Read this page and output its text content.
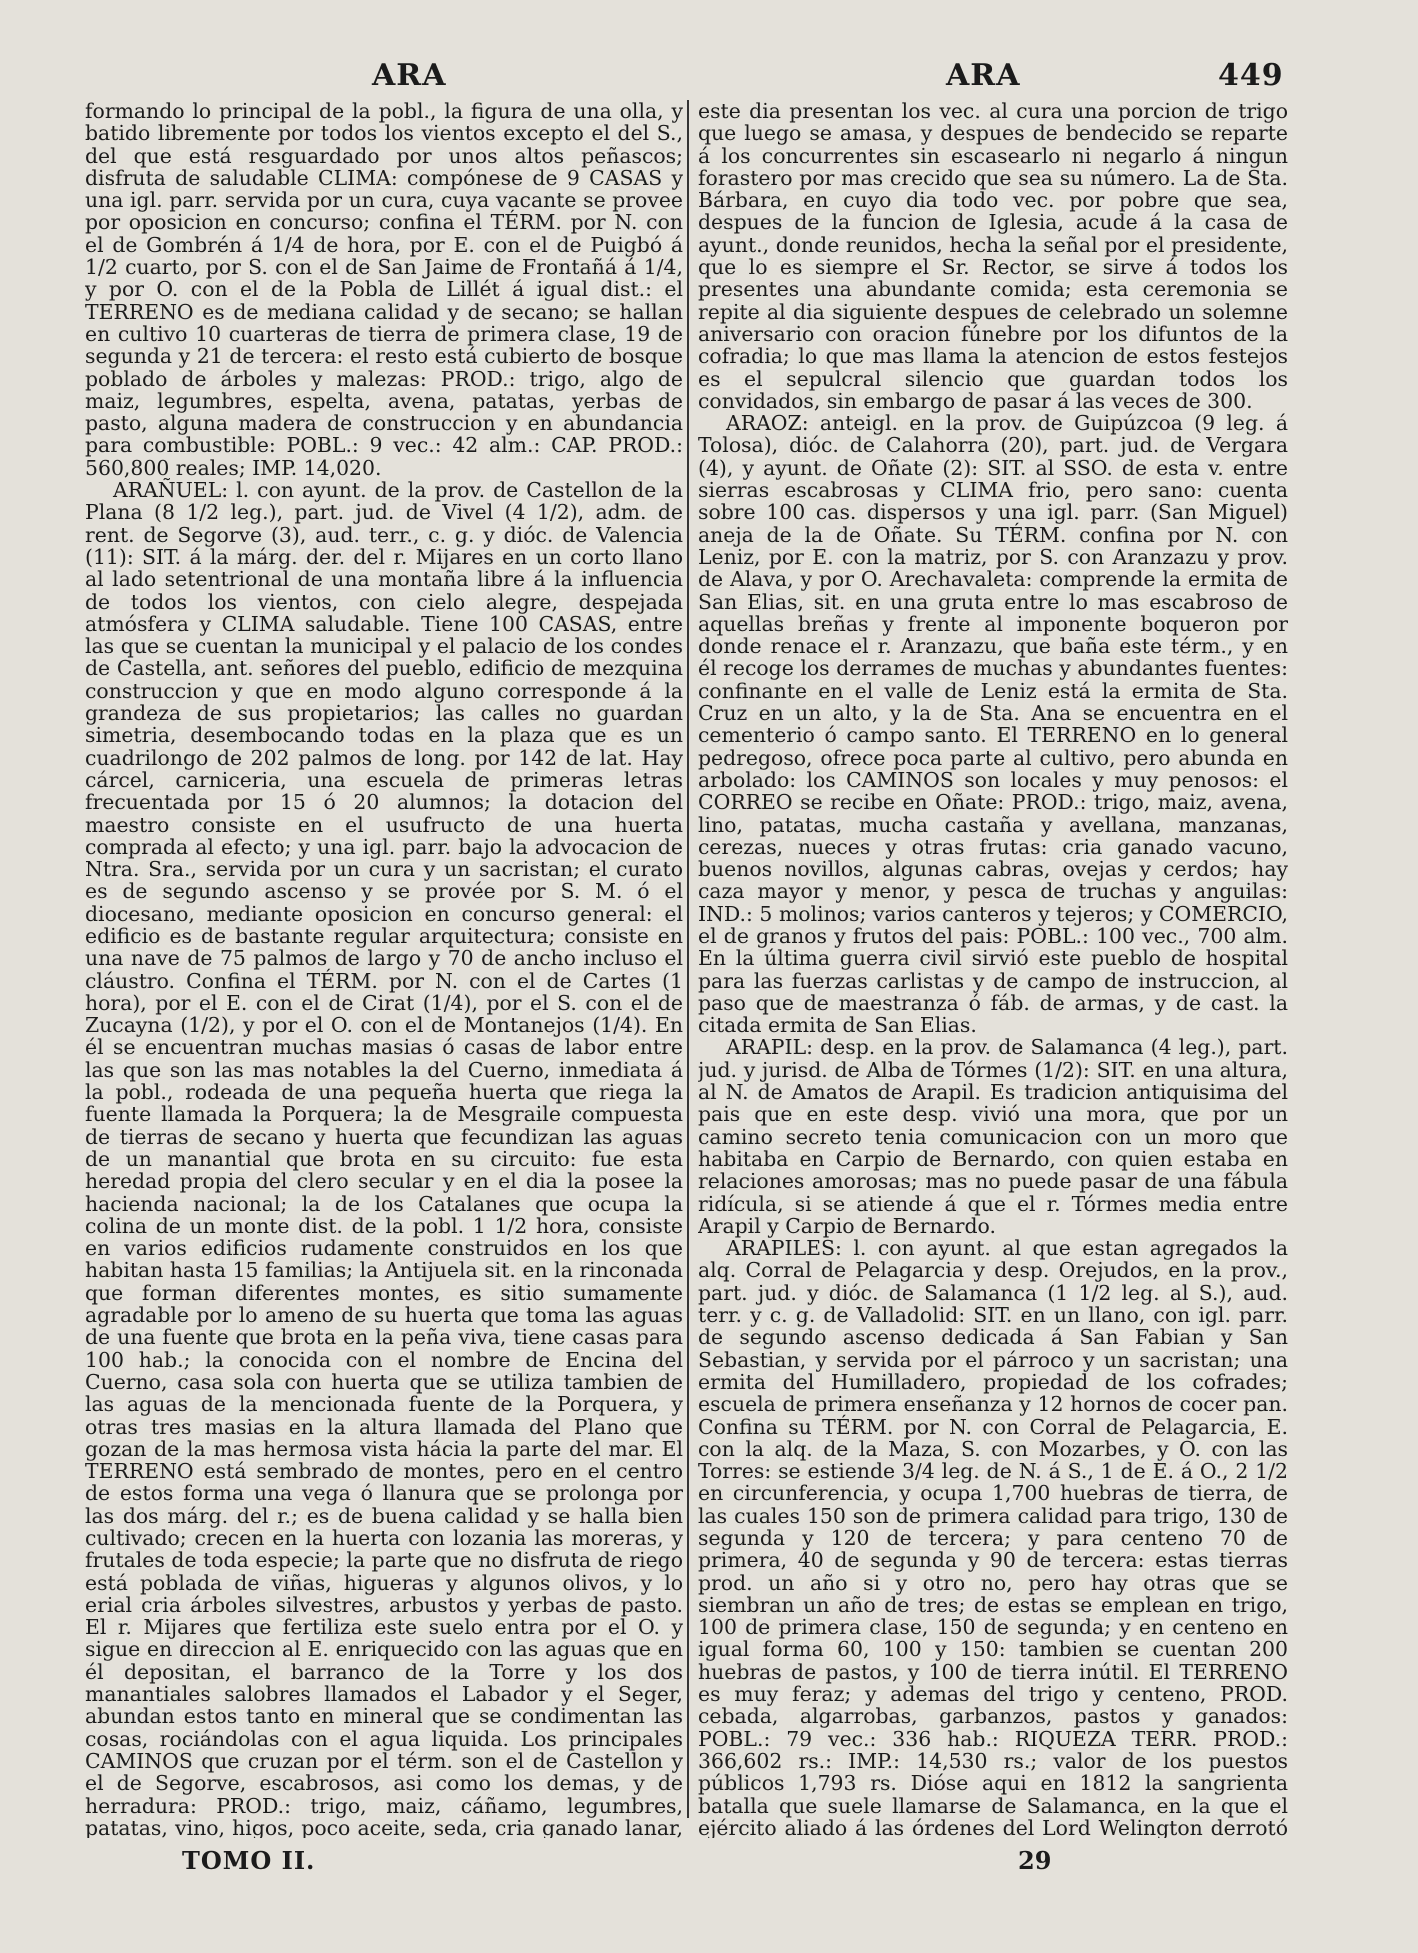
ARA	ARA	449

formando lo principal de la pobl., la figura de una olla, y batido libremente por todos los vientos excepto el del S., del que está resguardado por unos altos peñascos; disfruta de saludable CLIMA: compónese de 9 CASAS y una igl. parr. servida por un cura, cuya vacante se provee por oposicion en concurso; confina el TÉRM. por N. con el de Gombrén á 1/4 de hora, por E. con el de Puigbó á 1/2 cuarto, por S. con el de San Jaime de Frontañá á 1/4, y por O. con el de la Pobla de Lillét á igual dist.: el TERRENO es de mediana calidad y de secano; se hallan en cultivo 10 cuarteras de tierra de primera clase, 19 de segunda y 21 de tercera: el resto está cubierto de bosque poblado de árboles y malezas: PROD.: trigo, algo de maiz, legumbres, espelta, avena, patatas, yerbas de pasto, alguna madera de construccion y en abundancia para combustible: POBL.: 9 vec.: 42 alm.: CAP. PROD.: 560,800 reales; IMP. 14,020.

ARAÑUEL: l. con ayunt. de la prov. de Castellon de la Plana (8 1/2 leg.), part. jud. de Vivel (4 1/2), adm. de rent. de Segorve (3), aud. terr., c. g. y dióc. de Valencia (11): SIT. á la márg. der. del r. Mijares en un corto llano al lado setentrional de una montaña libre á la influencia de todos los vientos, con cielo alegre, despejada atmósfera y CLIMA saludable. Tiene 100 CASAS, entre las que se cuentan la municipal y el palacio de los condes de Castella, ant. señores del pueblo, edificio de mezquina construccion y que en modo alguno corresponde á la grandeza de sus propietarios; las calles no guardan simetria, desembocando todas en la plaza que es un cuadrilongo de 202 palmos de long. por 142 de lat. Hay cárcel, carniceria, una escuela de primeras letras frecuentada por 15 ó 20 alumnos; la dotacion del maestro consiste en el usufructo de una huerta comprada al efecto; y una igl. parr. bajo la advocacion de Ntra. Sra., servida por un cura y un sacristan; el curato es de segundo ascenso y se provée por S. M. ó el diocesano, mediante oposicion en concurso general: el edificio es de bastante regular arquitectura; consiste en una nave de 75 palmos de largo y 70 de ancho incluso el cláustro. Confina el TÉRM. por N. con el de Cartes (1 hora), por el E. con el de Cirat (1/4), por el S. con el de Zucayna (1/2), y por el O. con el de Montanejos (1/4). En él se encuentran muchas masias ó casas de labor entre las que son las mas notables la del Cuerno, inmediata á la pobl., rodeada de una pequeña huerta que riega la fuente llamada la Porquera; la de Mesgraile compuesta de tierras de secano y huerta que fecundizan las aguas de un manantial que brota en su circuito: fue esta heredad propia del clero secular y en el dia la posee la hacienda nacional; la de los Catalanes que ocupa la colina de un monte dist. de la pobl. 1 1/2 hora, consiste en varios edificios rudamente construidos en los que habitan hasta 15 familias; la Antijuela sit. en la rinconada que forman diferentes montes, es sitio sumamente agradable por lo ameno de su huerta que toma las aguas de una fuente que brota en la peña viva, tiene casas para 100 hab.; la conocida con el nombre de Encina del Cuerno, casa sola con huerta que se utiliza tambien de las aguas de la mencionada fuente de la Porquera, y otras tres masias en la altura llamada del Plano que gozan de la mas hermosa vista hácia la parte del mar. El TERRENO está sembrado de montes, pero en el centro de estos forma una vega ó llanura que se prolonga por las dos márg. del r.; es de buena calidad y se halla bien cultivado; crecen en la huerta con lozania las moreras, y frutales de toda especie; la parte que no disfruta de riego está poblada de viñas, higueras y algunos olivos, y lo erial cria árboles silvestres, arbustos y yerbas de pasto. El r. Mijares que fertiliza este suelo entra por el O. y sigue en direccion al E. enriquecido con las aguas que en él depositan, el barranco de la Torre y los dos manantiales salobres llamados el Labador y el Seger, abundan estos tanto en mineral que se condimentan las cosas, rociándolas con el agua liquida. Los principales CAMINOS que cruzan por el térm. son el de Castellon y el de Segorve, escabrosos, asi como los demas, y de herradura: PROD.: trigo, maiz, cáñamo, legumbres, patatas, vino, higos, poco aceite, seda, cria ganado lanar,

este dia presentan los vec. al cura una porcion de trigo que luego se amasa, y despues de bendecido se reparte á los concurrentes sin escasearlo ni negarlo á ningun forastero por mas crecido que sea su número. La de Sta. Bárbara, en cuyo dia todo vec. por pobre que sea, despues de la funcion de Iglesia, acude á la casa de ayunt., donde reunidos, hecha la señal por el presidente, que lo es siempre el Sr. Rector, se sirve á todos los presentes una abundante comida; esta ceremonia se repite al dia siguiente despues de celebrado un solemne aniversario con oracion fúnebre por los difuntos de la cofradia; lo que mas llama la atencion de estos festejos es el sepulcral silencio que guardan todos los convidados, sin embargo de pasar á las veces de 300.

ARAOZ: anteigl. en la prov. de Guipúzcoa (9 leg. á Tolosa), dióc. de Calahorra (20), part. jud. de Vergara (4), y ayunt. de Oñate (2): SIT. al SSO. de esta v. entre sierras escabrosas y CLIMA frio, pero sano: cuenta sobre 100 cas. dispersos y una igl. parr. (San Miguel) aneja de la de Oñate. Su TÉRM. confina por N. con Leniz, por E. con la matriz, por S. con Aranzazu y prov. de Alava, y por O. Arechavaleta: comprende la ermita de San Elias, sit. en una gruta entre lo mas escabroso de aquellas breñas y frente al imponente boqueron por donde renace el r. Aranzazu, que baña este térm., y en él recoge los derrames de muchas y abundantes fuentes: confinante en el valle de Leniz está la ermita de Sta. Cruz en un alto, y la de Sta. Ana se encuentra en el cementerio ó campo santo. El TERRENO en lo general pedregoso, ofrece poca parte al cultivo, pero abunda en arbolado: los CAMINOS son locales y muy penosos: el CORREO se recibe en Oñate: PROD.: trigo, maiz, avena, lino, patatas, mucha castaña y avellana, manzanas, cerezas, nueces y otras frutas: cria ganado vacuno, buenos novillos, algunas cabras, ovejas y cerdos; hay caza mayor y menor, y pesca de truchas y anguilas: IND.: 5 molinos; varios canteros y tejeros; y COMERCIO, el de granos y frutos del pais: POBL.: 100 vec., 700 alm. En la última guerra civil sirvió este pueblo de hospital para las fuerzas carlistas y de campo de instruccion, al paso que de maestranza ó fáb. de armas, y de cast. la citada ermita de San Elias.

ARAPIL: desp. en la prov. de Salamanca (4 leg.), part. jud. y jurisd. de Alba de Tórmes (1/2): SIT. en una altura, al N. de Amatos de Arapil. Es tradicion antiquisima del pais que en este desp. vivió una mora, que por un camino secreto tenia comunicacion con un moro que habitaba en Carpio de Bernardo, con quien estaba en relaciones amorosas; mas no puede pasar de una fábula ridícula, si se atiende á que el r. Tórmes media entre Arapil y Carpio de Bernardo.

ARAPILES: l. con ayunt. al que estan agregados la alq. Corral de Pelagarcia y desp. Orejudos, en la prov., part. jud. y dióc. de Salamanca (1 1/2 leg. al S.), aud. terr. y c. g. de Valladolid: SIT. en un llano, con igl. parr. de segundo ascenso dedicada á San Fabian y San Sebastian, y servida por el párroco y un sacristan; una ermita del Humilladero, propiedad de los cofrades; escuela de primera enseñanza y 12 hornos de cocer pan. Confina su TÉRM. por N. con Corral de Pelagarcia, E. con la alq. de la Maza, S. con Mozarbes, y O. con las Torres: se estiende 3/4 leg. de N. á S., 1 de E. á O., 2 1/2 en circunferencia, y ocupa 1,700 huebras de tierra, de las cuales 150 son de primera calidad para trigo, 130 de segunda y 120 de tercera; y para centeno 70 de primera, 40 de segunda y 90 de tercera: estas tierras prod. un año si y otro no, pero hay otras que se siembran un año de tres; de estas se emplean en trigo, 100 de primera clase, 150 de segunda; y en centeno en igual forma 60, 100 y 150: tambien se cuentan 200 huebras de pastos, y 100 de tierra inútil. El TERRENO es muy feraz; y ademas del trigo y centeno, PROD. cebada, algarrobas, garbanzos, pastos y ganados: POBL.: 79 vec.: 336 hab.: RIQUEZA TERR. PROD.: 366,602 rs.: IMP.: 14,530 rs.; valor de los puestos públicos 1,793 rs. Dióse aqui en 1812 la sangrienta batalla que suele llamarse de Salamanca, en la que el ejército aliado á las órdenes del Lord Welington derrotó

TOMO II.	29
